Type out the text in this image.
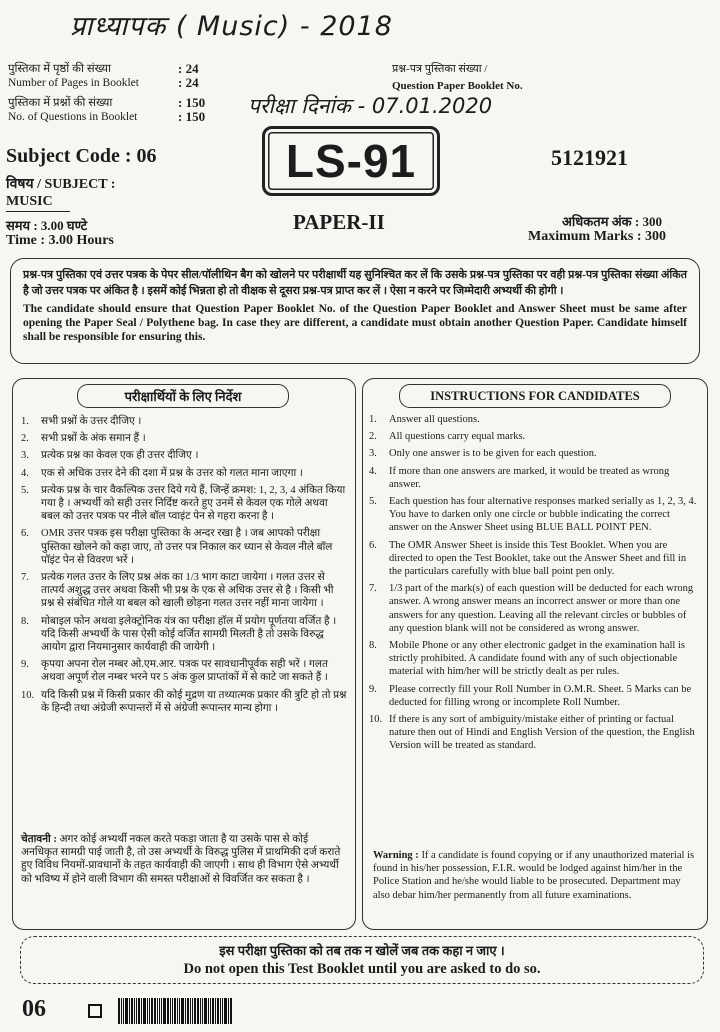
प्राध्यापक ( Music) - 2018
पुस्तिका में पृष्ठों की संख्या
Number of Pages in Booklet
: 24
: 24
पुस्तिका में प्रश्नों की संख्या
No. of Questions in Booklet
: 150
: 150
प्रश्न-पत्र पुस्तिका संख्या /
Question Paper Booklet No.
परीक्षा दिनांक - 07.01.2020
Subject Code : 06
विषय / SUBJECT :
MUSIC
समय : 3.00 घण्टे
Time : 3.00 Hours
LS-91	5121921
PAPER-II	अधिकतम अंक : 300
Maximum Marks : 300
प्रश्न-पत्र पुस्तिका एवं उत्तर पत्रक के पेपर सील/पॉलीथिन बैग को खोलने पर परीक्षार्थी यह सुनिश्चित कर लें कि उसके प्रश्न-पत्र पुस्तिका पर वही प्रश्न-पत्र पुस्तिका संख्या अंकित है जो उत्तर पत्रक पर अंकित है । इसमें कोई भिन्नता हो तो वीक्षक से दूसरा प्रश्न-पत्र प्राप्त कर लें । ऐसा न करने पर जिम्मेदारी अभ्यर्थी की होगी ।
The candidate should ensure that Question Paper Booklet No. of the Question Paper Booklet and Answer Sheet must be same after opening the Paper Seal / Polythene bag. In case they are different, a candidate must obtain another Question Paper. Candidate himself shall be responsible for ensuring this.
परीक्षार्थियों के लिए निर्देश
1. सभी प्रश्नों के उत्तर दीजिए ।
2. सभी प्रश्नों के अंक समान हैं ।
3. प्रत्येक प्रश्न का केवल एक ही उत्तर दीजिए ।
4. एक से अधिक उत्तर देने की दशा में प्रश्न के उत्तर को गलत माना जाएगा ।
5. प्रत्येक प्रश्न के चार वैकल्पिक उत्तर दिये गये हैं, जिन्हें क्रमश: 1, 2, 3, 4 अंकित किया गया है । अभ्यर्थी को सही उत्तर निर्दिष्ट करते हुए उनमें से केवल एक गोले अथवा बबल को उत्तर पत्रक पर नीले बॉल प्वाइंट पेन से गहरा करना है ।
6. OMR उत्तर पत्रक इस परीक्षा पुस्तिका के अन्दर रखा है । जब आपको परीक्षा पुस्तिका खोलने को कहा जाए, तो उत्तर पत्र निकाल कर ध्यान से केवल नीले बॉल पॉइंट पेन से विवरण भरें ।
7. प्रत्येक गलत उत्तर के लिए प्रश्न अंक का 1/3 भाग काटा जायेगा । गलत उत्तर से तात्पर्य अशुद्ध उत्तर अथवा किसी भी प्रश्न के एक से अधिक उत्तर से है । किसी भी प्रश्न से संबंधित गोले या बबल को खाली छोड़ना गलत उत्तर नहीं माना जायेगा ।
8. मोबाइल फोन अथवा इलेक्ट्रोनिक यंत्र का परीक्षा हॉल में प्रयोग पूर्णतया वर्जित है । यदि किसी अभ्यर्थी के पास ऐसी कोई वर्जित सामग्री मिलती है तो उसके विरुद्ध आयोग द्वारा नियमानुसार कार्यवाही की जायेगी ।
9. कृपया अपना रोल नम्बर ओ.एम.आर. पत्रक पर सावधानीपूर्वक सही भरें । गलत अथवा अपूर्ण रोल नम्बर भरने पर 5 अंक कुल प्राप्तांकों में से काटे जा सकते हैं ।
10. यदि किसी प्रश्न में किसी प्रकार की कोई मुद्रण या तथ्यात्मक प्रकार की त्रुटि हो तो प्रश्न के हिन्दी तथा अंग्रेजी रूपान्तरों में से अंग्रेजी रूपान्तर मान्य होगा ।
चेतावनी : अगर कोई अभ्यर्थी नकल करते पकड़ा जाता है या उसके पास से कोई अनधिकृत सामग्री पाई जाती है, तो उस अभ्यर्थी के विरुद्ध पुलिस में प्राथमिकी दर्ज कराते हुए विविध नियमों-प्रावधानों के तहत कार्यवाही की जाएगी । साथ ही विभाग ऐसे अभ्यर्थी को भविष्य में होने वाली विभाग की समस्त परीक्षाओं से विवर्जित कर सकता है ।
INSTRUCTIONS FOR CANDIDATES
1. Answer all questions.
2. All questions carry equal marks.
3. Only one answer is to be given for each question.
4. If more than one answers are marked, it would be treated as wrong answer.
5. Each question has four alternative responses marked serially as 1, 2, 3, 4. You have to darken only one circle or bubble indicating the correct answer on the Answer Sheet using BLUE BALL POINT PEN.
6. The OMR Answer Sheet is inside this Test Booklet. When you are directed to open the Test Booklet, take out the Answer Sheet and fill in the particulars carefully with blue ball point pen only.
7. 1/3 part of the mark(s) of each question will be deducted for each wrong answer. A wrong answer means an incorrect answer or more than one answers for any question. Leaving all the relevant circles or bubbles of any question blank will not be considered as wrong answer.
8. Mobile Phone or any other electronic gadget in the examination hall is strictly prohibited. A candidate found with any of such objectionable material with him/her will be strictly dealt as per rules.
9. Please correctly fill your Roll Number in O.M.R. Sheet. 5 Marks can be deducted for filling wrong or incomplete Roll Number.
10. If there is any sort of ambiguity/mistake either of printing or factual nature then out of Hindi and English Version of the question, the English Version will be treated as standard.
Warning : If a candidate is found copying or if any unauthorized material is found in his/her possession, F.I.R. would be lodged against him/her in the Police Station and he/she would liable to be prosecuted. Department may also debar him/her permanently from all future examinations.
इस परीक्षा पुस्तिका को तब तक न खोलें जब तक कहा न जाए ।
Do not open this Test Booklet until you are asked to do so.
06
